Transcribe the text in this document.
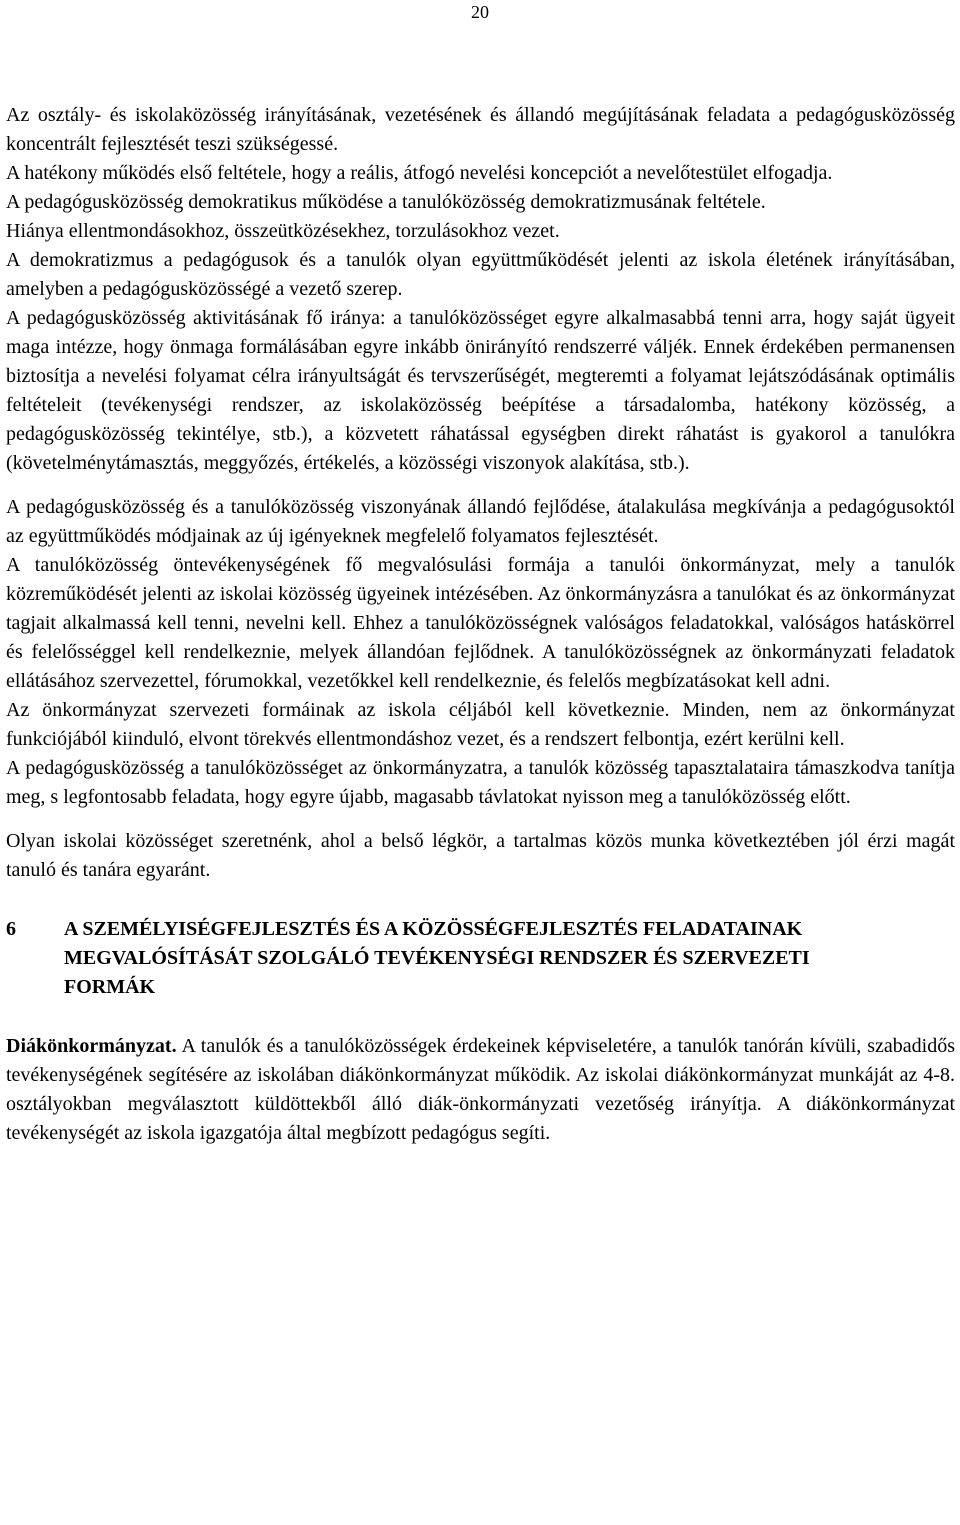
20

Az osztály- és iskolaközösség irányításának, vezetésének és állandó megújításának feladata a pedagógusközösség koncentrált fejlesztését teszi szükségessé.

A hatékony működés első feltétele, hogy a reális, átfogó nevelési koncepciót a nevelőtestület elfogadja.

A pedagógusközösség demokratikus működése a tanulóközösség demokratizmusának feltétele.

Hiánya ellentmondásokhoz, összeütközésekhez, torzulásokhoz vezet.

A demokratizmus a pedagógusok és a tanulók olyan együttműködését jelenti az iskola életének irányításában, amelyben a pedagógusközösségé a vezető szerep.

A pedagógusközösség aktivitásának fő iránya: a tanulóközösséget egyre alkalmasabbá tenni arra, hogy saját ügyeit maga intézze, hogy önmaga formálásában egyre inkább önirányító rendszerré váljék. Ennek érdekében permanensen biztosítja a nevelési folyamat célra irányultságát és tervszerűségét, megteremti a folyamat lejátszódásának optimális feltételeit (tevékenységi rendszer, az iskolaközösség beépítése a társadalomba, hatékony közösség, a pedagógusközösség tekintélye, stb.), a közvetett ráhatással egységben direkt ráhatást is gyakorol a tanulókra (követelménytámasztás, meggyőzés, értékelés, a közösségi viszonyok alakítása, stb.).

A pedagógusközösség és a tanulóközösség viszonyának állandó fejlődése, átalakulása megkívánja a pedagógusoktól az együttműködés módjainak az új igényeknek megfelelő folyamatos fejlesztését.

A tanulóközösség öntevékenységének fő megvalósulási formája a tanulói önkormányzat, mely a tanulók közreműködését jelenti az iskolai közösség ügyeinek intézésében. Az önkormányzásra a tanulókat és az önkormányzat tagjait alkalmassá kell tenni, nevelni kell. Ehhez a tanulóközösségnek valóságos feladatokkal, valóságos hatáskörrel és felelősséggel kell rendelkeznie, melyek állandóan fejlődnek. A tanulóközösségnek az önkormányzati feladatok ellátásához szervezettel, fórumokkal, vezetőkkel kell rendelkeznie, és felelős megbízatásokat kell adni.

Az önkormányzat szervezeti formáinak az iskola céljából kell következnie. Minden, nem az önkormányzat funkciójából kiinduló, elvont törekvés ellentmondáshoz vezet, és a rendszert felbontja, ezért kerülni kell.

A pedagógusközösség a tanulóközösséget az önkormányzatra, a tanulók közösség tapasztalataira támaszkodva tanítja meg, s legfontosabb feladata, hogy egyre újabb, magasabb távlatokat nyisson meg a tanulóközösség előtt.

Olyan iskolai közösséget szeretnénk, ahol a belső légkör, a tartalmas közös munka következtében jól érzi magát tanuló és tanára egyaránt.

6	A SZEMÉLYISÉGFEJLESZTÉS ÉS A KÖZÖSSÉGFEJLESZTÉS FELADATAINAK MEGVALÓSÍTÁSÁT SZOLGÁLÓ TEVÉKENYSÉGI RENDSZER ÉS SZERVEZETI FORMÁK

Diákönkormányzat. A tanulók és a tanulóközösségek érdekeinek képviseletére, a tanulók tanórán kívüli, szabadidős tevékenységének segítésére az iskolában diákönkormányzat működik. Az iskolai diákönkormányzat munkáját az 4-8. osztályokban megválasztott küldöttekből álló diák-önkormányzati vezetőség irányítja. A diákönkormányzat tevékenységét az iskola igazgatója által megbízott pedagógus segíti.
